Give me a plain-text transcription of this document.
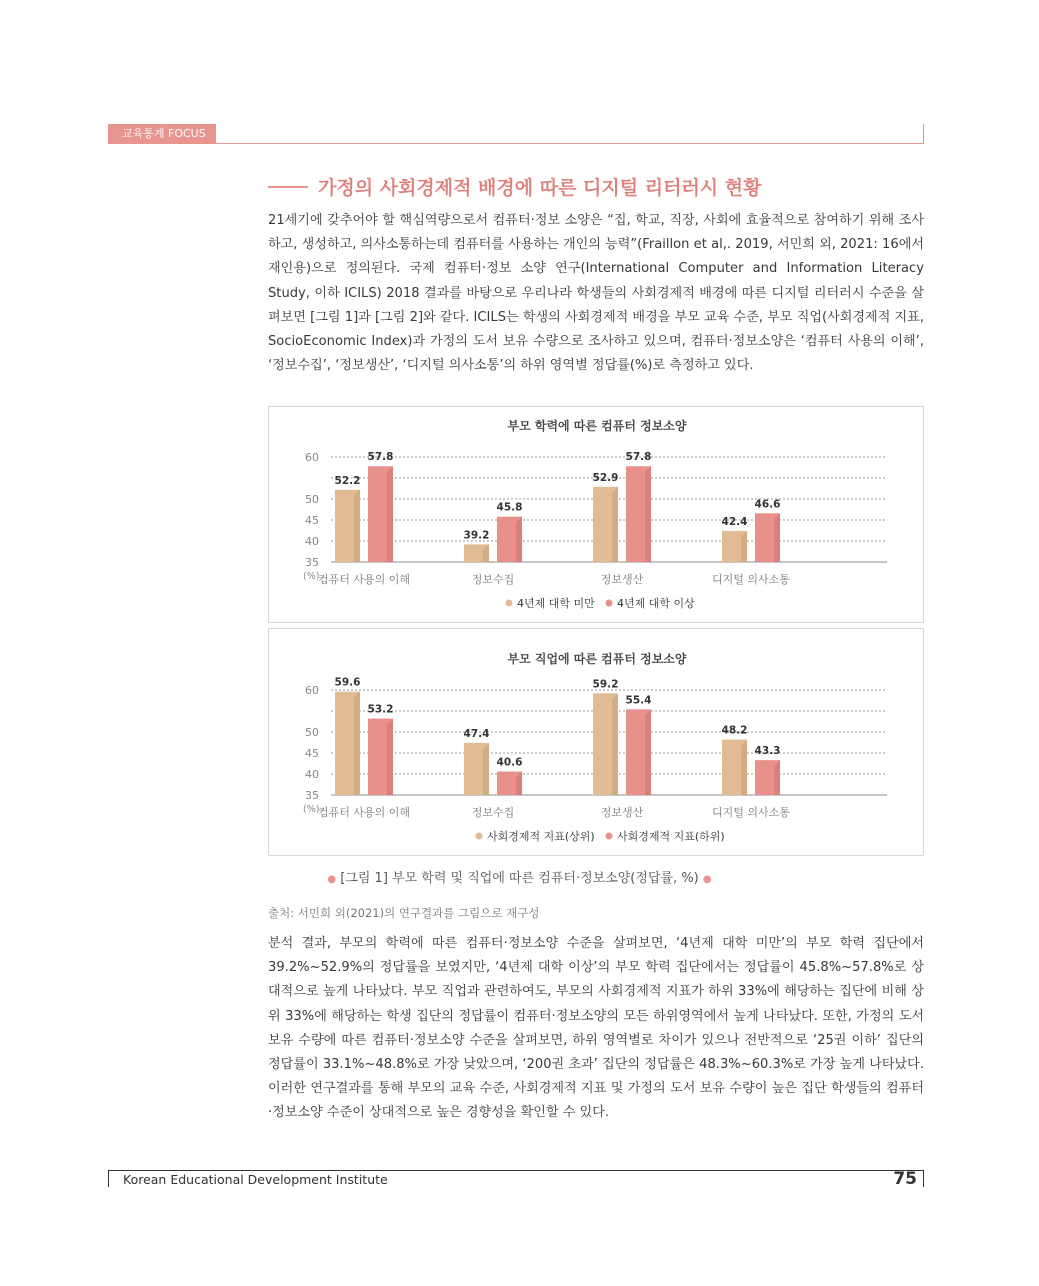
교육통계 FOCUS
가정의 사회경제적 배경에 따른 디지털 리터러시 현황

21세기에 갖추어야 할 핵심역량으로서 컴퓨터·정보 소양은 “집, 학교, 직장, 사회에 효율적으로 참여하기 위해 조사하고, 생성하고, 의사소통하는데 컴퓨터를 사용하는 개인의 능력”(Fraillon et al,. 2019, 서민희 외, 2021: 16에서 재인용)으로 정의된다. 국제 컴퓨터·정보 소양 연구(International Computer and Information Literacy Study, 이하 ICILS) 2018 결과를 바탕으로 우리나라 학생들의 사회경제적 배경에 따른 디지털 리터러시 수준을 살펴보면 [그림 1]과 [그림 2]와 같다. ICILS는 학생의 사회경제적 배경을 부모 교육 수준, 부모 직업(사회경제적 지표, SocioEconomic Index)과 가정의 도서 보유 수량으로 조사하고 있으며, 컴퓨터·정보소양은 ‘컴퓨터 사용의 이해’, ‘정보수집’, ‘정보생산’, ‘디지털 의사소통’의 하위 영역별 정답률(%)로 측정하고 있다.

부모 학력에 따른 컴퓨터 정보소양
35
40
45
50
60
(%)
52.2
57.8
컴퓨터 사용의 이해
39.2
45.8
정보수집
52.9
57.8
정보생산
42.4
46.6
디지털 의사소통
4년제 대학 미만 4년제 대학 이상
부모 직업에 따른 컴퓨터 정보소양
35
40
45
50
60
(%)
59.6
53.2
컴퓨터 사용의 이해
47.4
40.6
정보수집
59.2
55.4
정보생산
48.2
43.3
디지털 의사소통
사회경제적 지표(상위) 사회경제적 지표(하위)
● [그림 1] 부모 학력 및 직업에 따른 컴퓨터·정보소양(정답률, %) ●
출처: 서민희 외(2021)의 연구결과를 그림으로 재구성

분석 결과, 부모의 학력에 따른 컴퓨터·정보소양 수준을 살펴보면, ‘4년제 대학 미만’의 부모 학력 집단에서 39.2%~52.9%의 정답률을 보였지만, ‘4년제 대학 이상’의 부모 학력 집단에서는 정답률이 45.8%~57.8%로 상대적으로 높게 나타났다. 부모 직업과 관련하여도, 부모의 사회경제적 지표가 하위 33%에 해당하는 집단에 비해 상위 33%에 해당하는 학생 집단의 정답률이 컴퓨터·정보소양의 모든 하위영역에서 높게 나타났다. 또한, 가정의 도서 보유 수량에 따른 컴퓨터·정보소양 수준을 살펴보면, 하위 영역별로 차이가 있으나 전반적으로 ‘25권 이하’ 집단의 정답률이 33.1%~48.8%로 가장 낮았으며, ‘200권 초과’ 집단의 정답률은 48.3%~60.3%로 가장 높게 나타났다. 이러한 연구결과를 통해 부모의 교육 수준, 사회경제적 지표 및 가정의 도서 보유 수량이 높은 집단 학생들의 컴퓨터·정보소양 수준이 상대적으로 높은 경향성을 확인할 수 있다.

Korean Educational Development Institute	75
